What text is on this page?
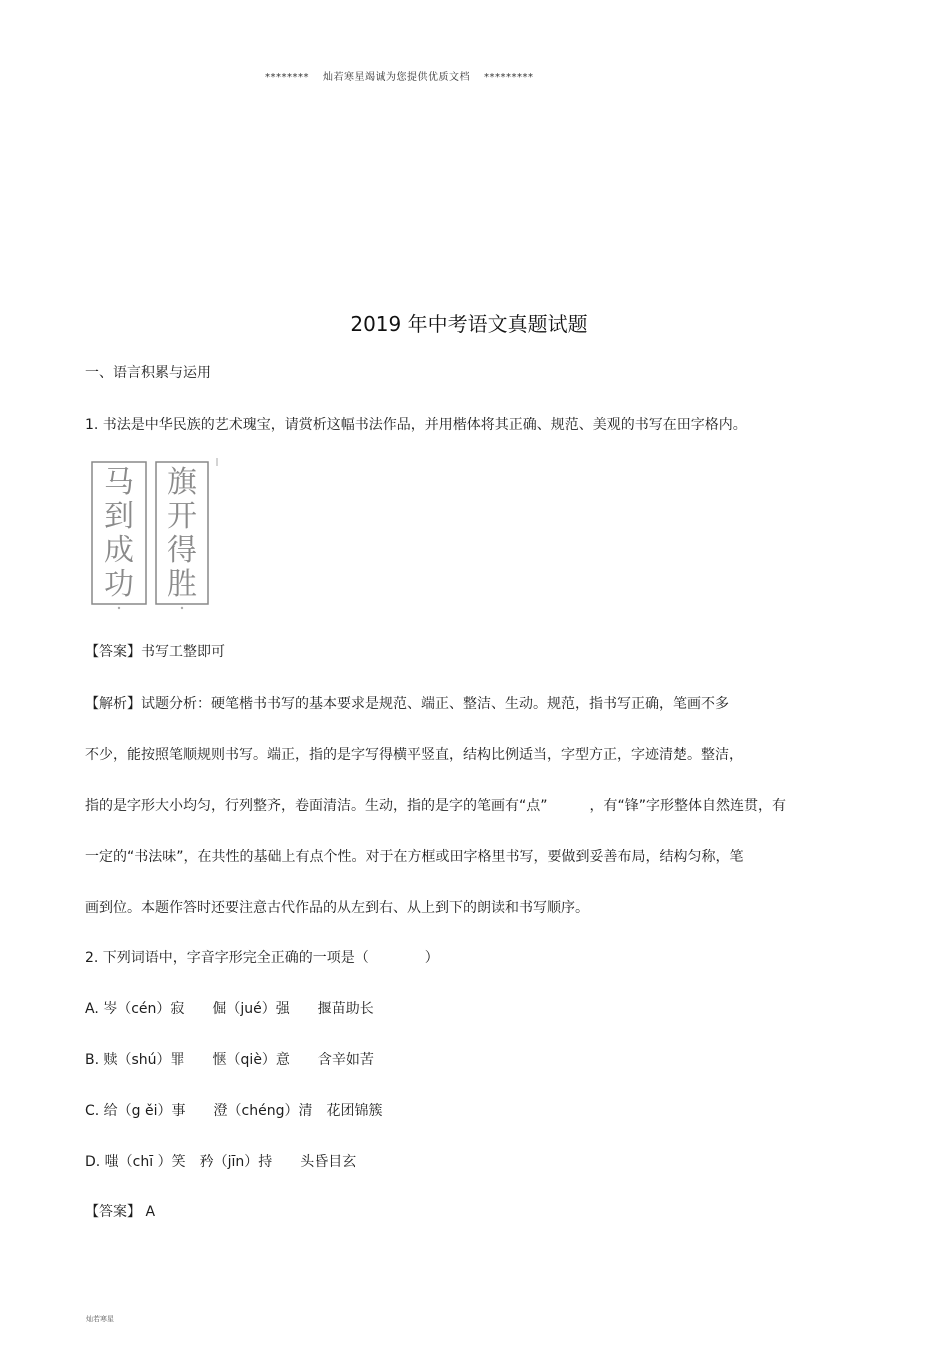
******** 灿若寒星竭诚为您提供优质文档 *********
2019 年中考语文真题试题
一、语言积累与运用
1. 书法是中华民族的艺术瑰宝，请赏析这幅书法作品，并用楷体将其正确、规范、美观的书写在田字格内。
旗
开
得
胜
马
到
成
功
【答案】书写工整即可
【解析】试题分析：硬笔楷书书写的基本要求是规范、端正、整洁、生动。规范，指书写正确，笔画不多
不少，能按照笔顺规则书写。端正，指的是字写得横平竖直，结构比例适当，字型方正，字迹清楚。整洁，
指的是字形大小均匀，行列整齐，卷面清洁。生动，指的是字的笔画有“点”　　　，有“锋”字形整体自然连贯，有
一定的“书法味”，在共性的基础上有点个性。对于在方框或田字格里书写，要做到妥善布局，结构匀称，笔
画到位。本题作答时还要注意古代作品的从左到右、从上到下的朗读和书写顺序。
2. 下列词语中，字音字形完全正确的一项是（　　　　）
A. 岑（cén）寂　　倔（jué）强　　揠苗助长
B. 赎（shú）罪　　惬（qiè）意　　含辛如苦
C. 给（g ěi）事　　澄（chéng）清　花团锦簇
D. 嗤（chī ）笑　矜（jīn）持　　头昏目玄
【答案】 A
灿若寒星
